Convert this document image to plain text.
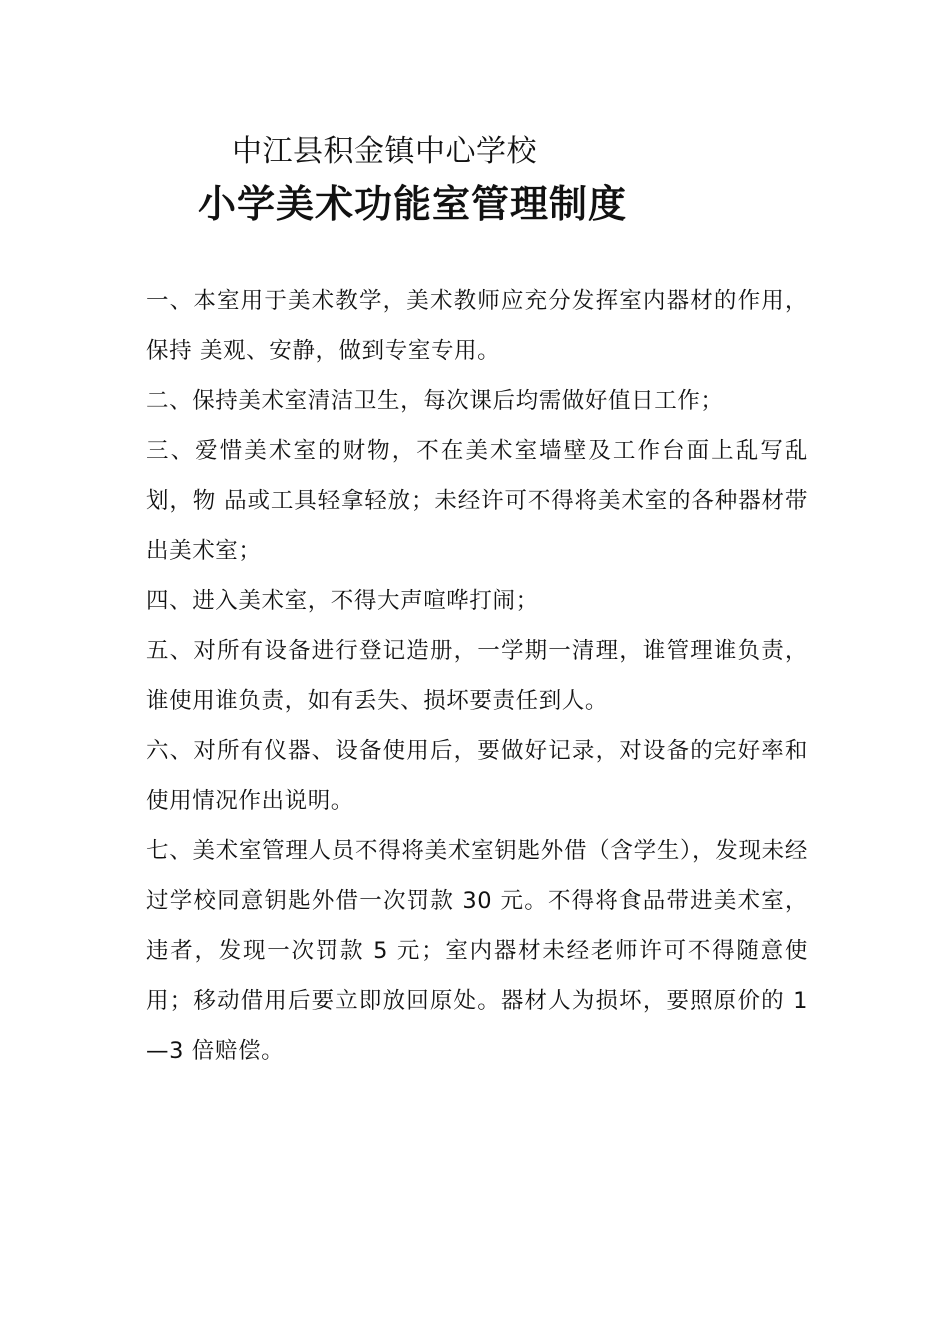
中江县积金镇中心学校
小学美术功能室管理制度

一、本室用于美术教学，美术教师应充分发挥室内器材的作用，保持 美观、安静，做到专室专用。

二、保持美术室清洁卫生，每次课后均需做好值日工作；

三、爱惜美术室的财物，不在美术室墙壁及工作台面上乱写乱划，物 品或工具轻拿轻放；未经许可不得将美术室的各种器材带出美术室；

四、进入美术室，不得大声喧哗打闹；

五、对所有设备进行登记造册，一学期一清理，谁管理谁负责，谁使用谁负责，如有丢失、损坏要责任到人。

六、对所有仪器、设备使用后，要做好记录，对设备的完好率和使用情况作出说明。

七、美术室管理人员不得将美术室钥匙外借（含学生），发现未经过学校同意钥匙外借一次罚款 30 元。不得将食品带进美术室，违者，发现一次罚款 5 元；室内器材未经老师许可不得随意使用；移动借用后要立即放回原处。器材人为损坏，要照原价的 1—3 倍赔偿。
